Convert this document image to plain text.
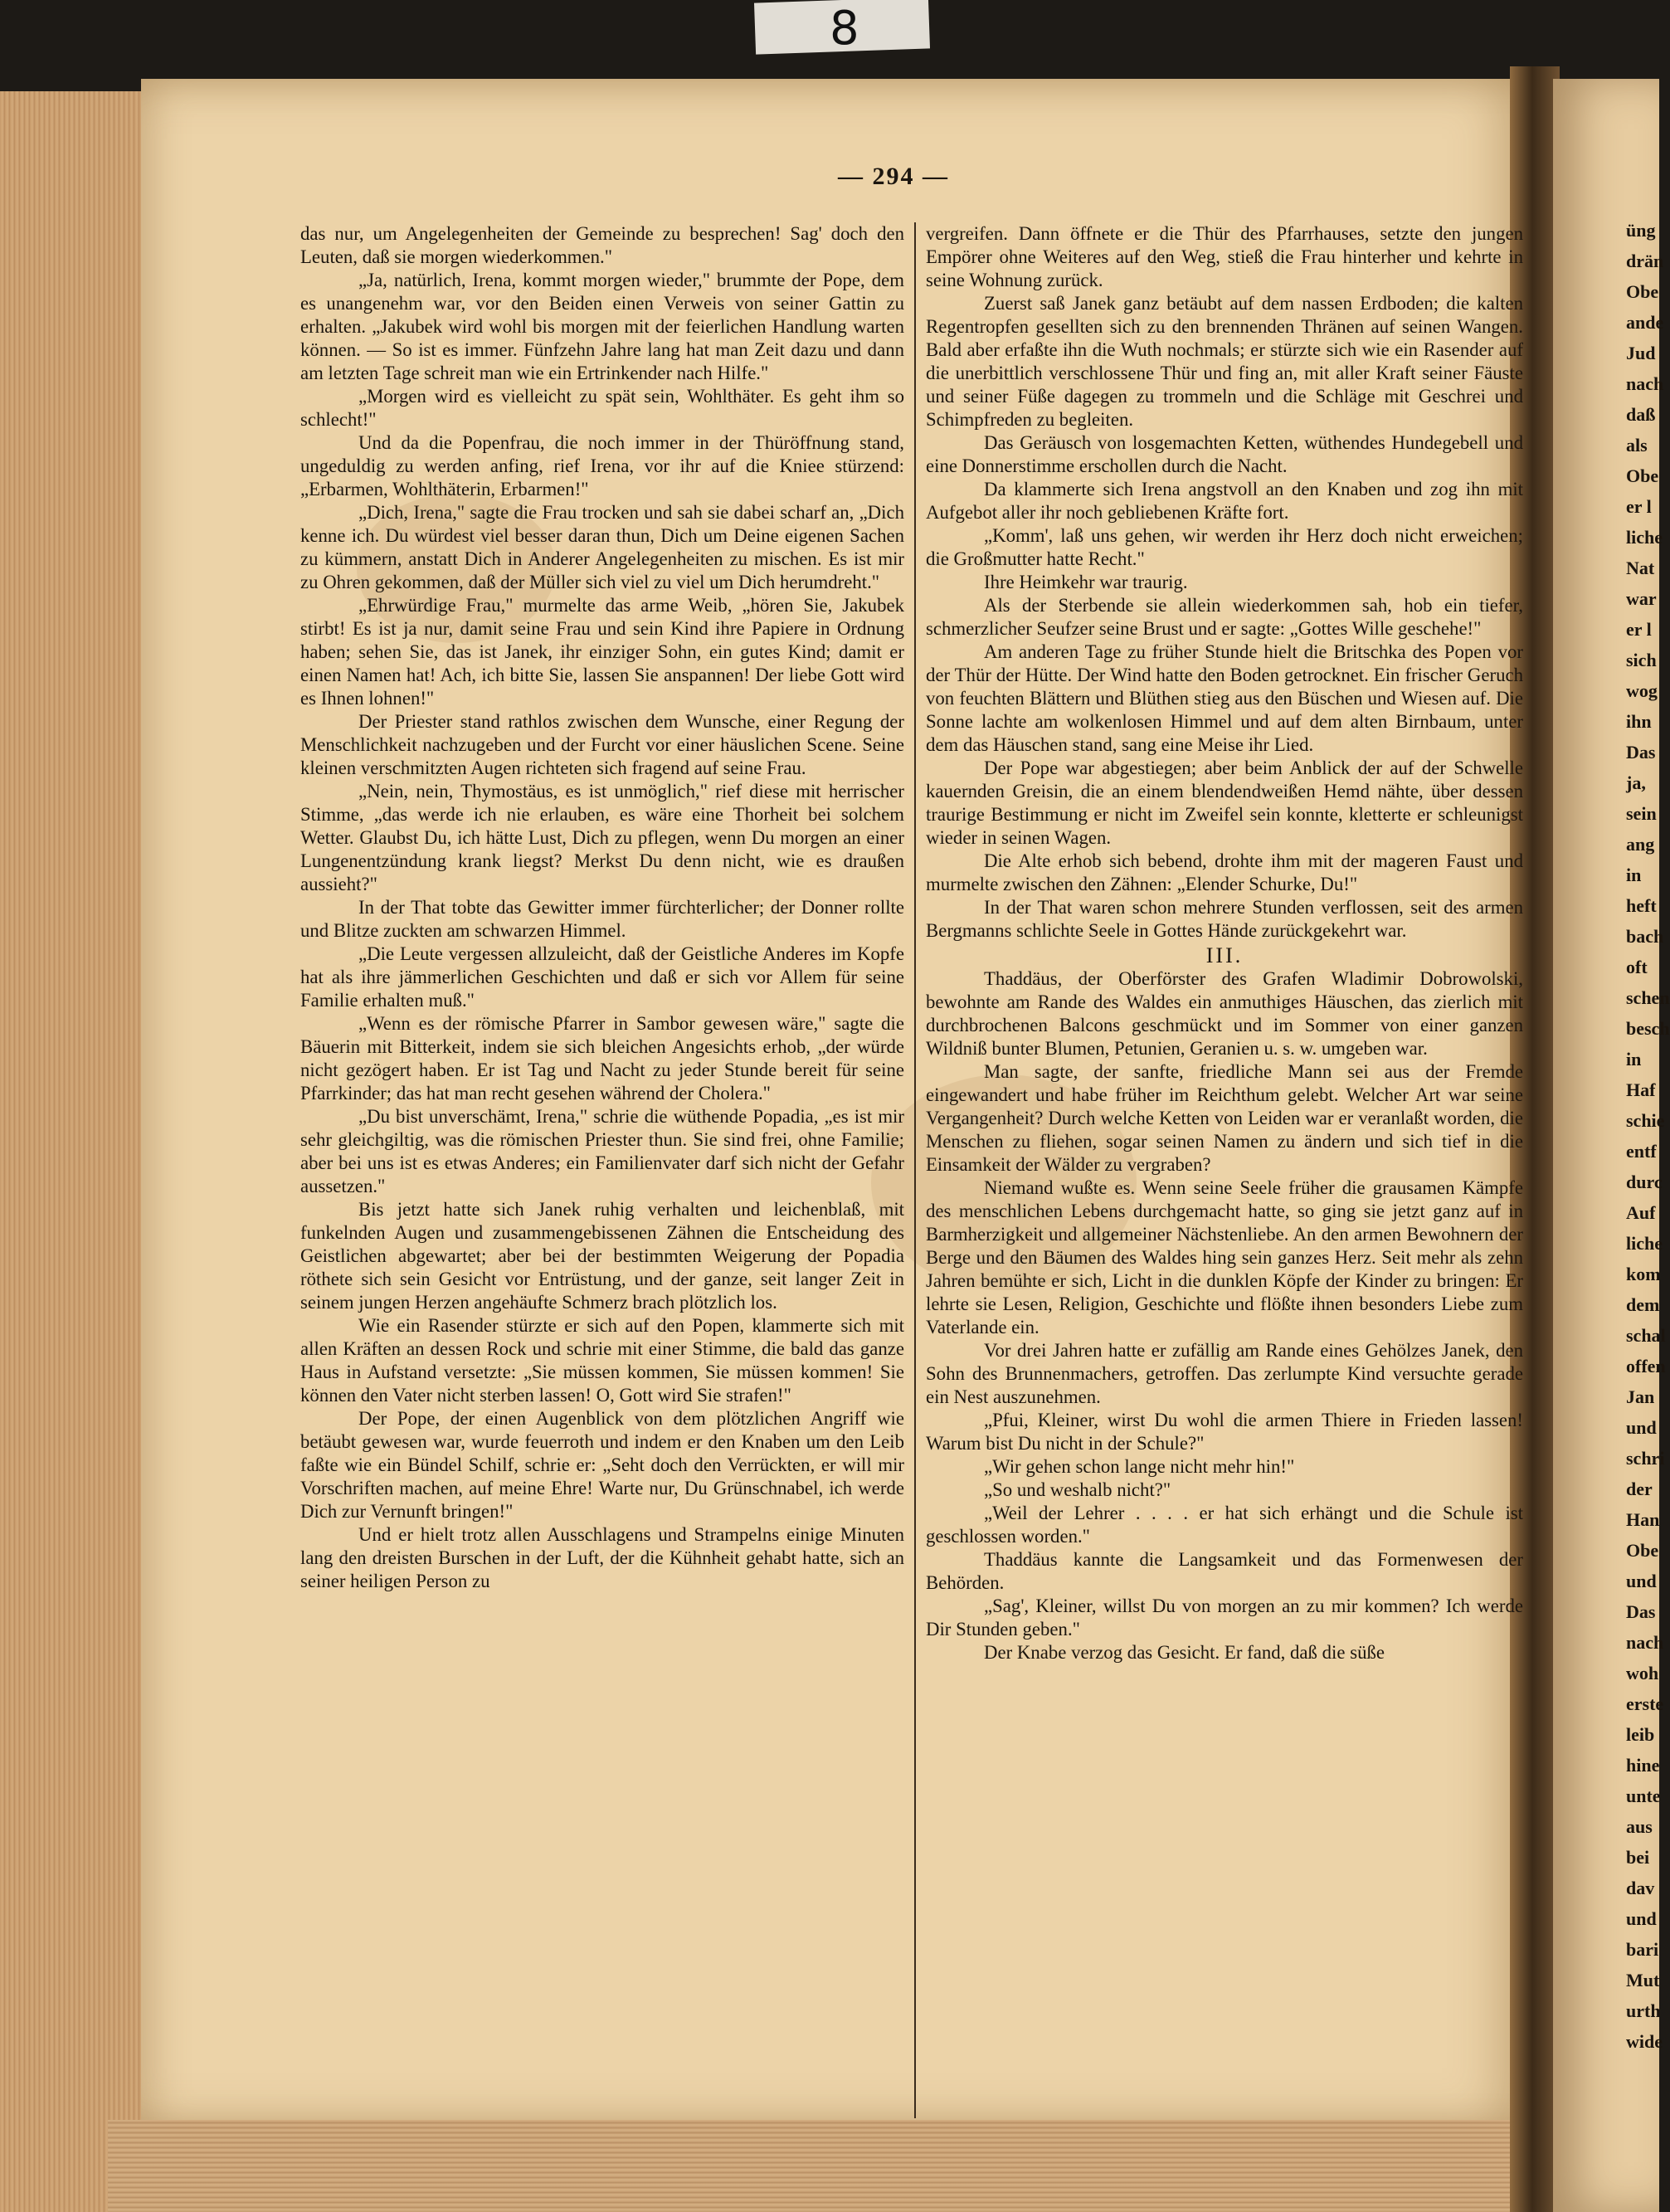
üng
drän
Obe
ande
Jud
nach
daß
als
Obe
er l
liche
Nat
war
er l
sich
wog
ihn
Das
ja,
sein
ang
in
heft
bach
oft
schen
besch
in
Haf
schie
entf
durc
Auf
liche
kom
dem
schal
offen
Jan
und
schri
der
Han
Obe
und
Das
nach
woh
erste
leib
hine
unte
aus
bei
dav
und
bari
Mut
urth
wide
8
— 294 —

das nur, um Angelegenheiten der Gemeinde zu besprechen! Sag' doch den Leuten, daß sie morgen wiederkommen."

„Ja, natürlich, Irena, kommt morgen wieder," brummte der Pope, dem es unangenehm war, vor den Beiden einen Verweis von seiner Gattin zu erhalten. „Jakubek wird wohl bis morgen mit der feierlichen Handlung warten können. — So ist es immer. Fünfzehn Jahre lang hat man Zeit dazu und dann am letzten Tage schreit man wie ein Ertrinkender nach Hilfe."

„Morgen wird es vielleicht zu spät sein, Wohlthäter. Es geht ihm so schlecht!"

Und da die Popenfrau, die noch immer in der Thüröffnung stand, ungeduldig zu werden anfing, rief Irena, vor ihr auf die Kniee stürzend: „Erbarmen, Wohlthäterin, Erbarmen!"

„Dich, Irena," sagte die Frau trocken und sah sie dabei scharf an, „Dich kenne ich. Du würdest viel besser daran thun, Dich um Deine eigenen Sachen zu kümmern, anstatt Dich in Anderer Angelegenheiten zu mischen. Es ist mir zu Ohren gekommen, daß der Müller sich viel zu viel um Dich herumdreht."

„Ehrwürdige Frau," murmelte das arme Weib, „hören Sie, Jakubek stirbt! Es ist ja nur, damit seine Frau und sein Kind ihre Papiere in Ordnung haben; sehen Sie, das ist Janek, ihr einziger Sohn, ein gutes Kind; damit er einen Namen hat! Ach, ich bitte Sie, lassen Sie anspannen! Der liebe Gott wird es Ihnen lohnen!"

Der Priester stand rathlos zwischen dem Wunsche, einer Regung der Menschlichkeit nachzugeben und der Furcht vor einer häuslichen Scene. Seine kleinen verschmitzten Augen richteten sich fragend auf seine Frau.

„Nein, nein, Thymostäus, es ist unmöglich," rief diese mit herrischer Stimme, „das werde ich nie erlauben, es wäre eine Thorheit bei solchem Wetter. Glaubst Du, ich hätte Lust, Dich zu pflegen, wenn Du morgen an einer Lungenentzündung krank liegst? Merkst Du denn nicht, wie es draußen aussieht?"

In der That tobte das Gewitter immer fürchterlicher; der Donner rollte und Blitze zuckten am schwarzen Himmel.

„Die Leute vergessen allzuleicht, daß der Geistliche Anderes im Kopfe hat als ihre jämmerlichen Geschichten und daß er sich vor Allem für seine Familie erhalten muß."

„Wenn es der römische Pfarrer in Sambor gewesen wäre," sagte die Bäuerin mit Bitterkeit, indem sie sich bleichen Angesichts erhob, „der würde nicht gezögert haben. Er ist Tag und Nacht zu jeder Stunde bereit für seine Pfarrkinder; das hat man recht gesehen während der Cholera."

„Du bist unverschämt, Irena," schrie die wüthende Popadia, „es ist mir sehr gleichgiltig, was die römischen Priester thun. Sie sind frei, ohne Familie; aber bei uns ist es etwas Anderes; ein Familienvater darf sich nicht der Gefahr aussetzen."

Bis jetzt hatte sich Janek ruhig verhalten und leichenblaß, mit funkelnden Augen und zusammengebissenen Zähnen die Entscheidung des Geistlichen abgewartet; aber bei der bestimmten Weigerung der Popadia röthete sich sein Gesicht vor Entrüstung, und der ganze, seit langer Zeit in seinem jungen Herzen angehäufte Schmerz brach plötzlich los.

Wie ein Rasender stürzte er sich auf den Popen, klammerte sich mit allen Kräften an dessen Rock und schrie mit einer Stimme, die bald das ganze Haus in Aufstand versetzte: „Sie müssen kommen, Sie müssen kommen! Sie können den Vater nicht sterben lassen! O, Gott wird Sie strafen!"

Der Pope, der einen Augenblick von dem plötzlichen Angriff wie betäubt gewesen war, wurde feuerroth und indem er den Knaben um den Leib faßte wie ein Bündel Schilf, schrie er: „Seht doch den Verrückten, er will mir Vorschriften machen, auf meine Ehre! Warte nur, Du Grünschnabel, ich werde Dich zur Vernunft bringen!"

Und er hielt trotz allen Ausschlagens und Strampelns einige Minuten lang den dreisten Burschen in der Luft, der die Kühnheit gehabt hatte, sich an seiner heiligen Person zu

vergreifen. Dann öffnete er die Thür des Pfarrhauses, setzte den jungen Empörer ohne Weiteres auf den Weg, stieß die Frau hinterher und kehrte in seine Wohnung zurück.

Zuerst saß Janek ganz betäubt auf dem nassen Erdboden; die kalten Regentropfen gesellten sich zu den brennenden Thränen auf seinen Wangen. Bald aber erfaßte ihn die Wuth nochmals; er stürzte sich wie ein Rasender auf die unerbittlich verschlossene Thür und fing an, mit aller Kraft seiner Fäuste und seiner Füße dagegen zu trommeln und die Schläge mit Geschrei und Schimpfreden zu begleiten.

Das Geräusch von losgemachten Ketten, wüthendes Hundegebell und eine Donnerstimme erschollen durch die Nacht.

Da klammerte sich Irena angstvoll an den Knaben und zog ihn mit Aufgebot aller ihr noch gebliebenen Kräfte fort.

„Komm', laß uns gehen, wir werden ihr Herz doch nicht erweichen; die Großmutter hatte Recht."

Ihre Heimkehr war traurig.

Als der Sterbende sie allein wiederkommen sah, hob ein tiefer, schmerzlicher Seufzer seine Brust und er sagte: „Gottes Wille geschehe!"

Am anderen Tage zu früher Stunde hielt die Britschka des Popen vor der Thür der Hütte. Der Wind hatte den Boden getrocknet. Ein frischer Geruch von feuchten Blättern und Blüthen stieg aus den Büschen und Wiesen auf. Die Sonne lachte am wolkenlosen Himmel und auf dem alten Birnbaum, unter dem das Häuschen stand, sang eine Meise ihr Lied.

Der Pope war abgestiegen; aber beim Anblick der auf der Schwelle kauernden Greisin, die an einem blendendweißen Hemd nähte, über dessen traurige Bestimmung er nicht im Zweifel sein konnte, kletterte er schleunigst wieder in seinen Wagen.

Die Alte erhob sich bebend, drohte ihm mit der mageren Faust und murmelte zwischen den Zähnen: „Elender Schurke, Du!"

In der That waren schon mehrere Stunden verflossen, seit des armen Bergmanns schlichte Seele in Gottes Hände zurückgekehrt war.

III.

Thaddäus, der Oberförster des Grafen Wladimir Dobrowolski, bewohnte am Rande des Waldes ein anmuthiges Häuschen, das zierlich mit durchbrochenen Balcons geschmückt und im Sommer von einer ganzen Wildniß bunter Blumen, Petunien, Geranien u. s. w. umgeben war.

Man sagte, der sanfte, friedliche Mann sei aus der Fremde eingewandert und habe früher im Reichthum gelebt. Welcher Art war seine Vergangenheit? Durch welche Ketten von Leiden war er veranlaßt worden, die Menschen zu fliehen, sogar seinen Namen zu ändern und sich tief in die Einsamkeit der Wälder zu vergraben?

Niemand wußte es. Wenn seine Seele früher die grausamen Kämpfe des menschlichen Lebens durchgemacht hatte, so ging sie jetzt ganz auf in Barmherzigkeit und allgemeiner Nächstenliebe. An den armen Bewohnern der Berge und den Bäumen des Waldes hing sein ganzes Herz. Seit mehr als zehn Jahren bemühte er sich, Licht in die dunklen Köpfe der Kinder zu bringen: Er lehrte sie Lesen, Religion, Geschichte und flößte ihnen besonders Liebe zum Vaterlande ein.

Vor drei Jahren hatte er zufällig am Rande eines Gehölzes Janek, den Sohn des Brunnenmachers, getroffen. Das zerlumpte Kind versuchte gerade ein Nest auszunehmen.

„Pfui, Kleiner, wirst Du wohl die armen Thiere in Frieden lassen! Warum bist Du nicht in der Schule?"

„Wir gehen schon lange nicht mehr hin!"

„So und weshalb nicht?"

„Weil der Lehrer . . . . er hat sich erhängt und die Schule ist geschlossen worden."

Thaddäus kannte die Langsamkeit und das Formenwesen der Behörden.

„Sag', Kleiner, willst Du von morgen an zu mir kommen? Ich werde Dir Stunden geben."

Der Knabe verzog das Gesicht. Er fand, daß die süße
